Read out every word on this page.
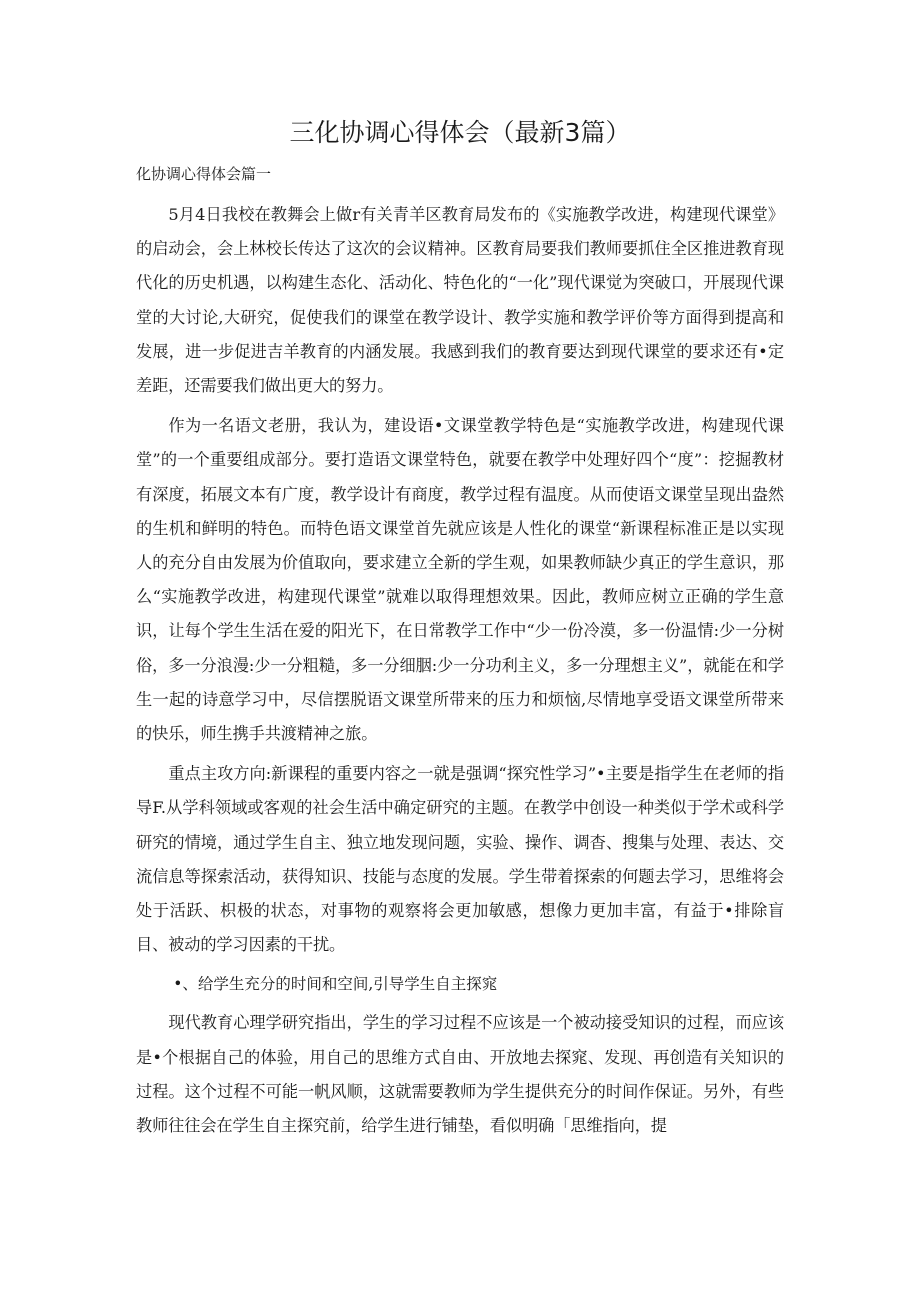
三化协调心得体会（最新3篇）

化协调心得体会篇一

5月4日我校在教舞会上做r有关青羊区教育局发布的《实施教学改进，构建现代课堂》的启动会，会上林校长传达了这次的会议精神。区教育局要我们教师要抓住全区推进教育现代化的历史机遇，以构建生态化、活动化、特色化的“一化”现代课觉为突破口，开展现代课堂的大讨论,大研究，促使我们的课堂在教学设计、教学实施和教学评价等方面得到提高和发展，进一步促进吉羊教育的内涵发展。我感到我们的教育要达到现代课堂的要求还有•定差距，还需要我们做出更大的努力。

作为一名语文老册，我认为，建设语•文课堂教学特色是“实施教学改进，构建现代课堂”的一个重要组成部分。要打造语文课堂特色，就要在教学中处理好四个“度”：挖掘教材有深度，拓展文本有广度，教学设计有商度，教学过程有温度。从而使语文课堂呈现出盎然的生机和鲜明的特色。而特色语文课堂首先就应该是人性化的课堂“新课程标准正是以实现人的充分自由发展为价值取向，要求建立全新的学生观，如果教师缺少真正的学生意识，那么“实施教学改进，构建现代课堂”就难以取得理想效果。因此，教师应树立正确的学生意识，让每个学生生活在爱的阳光下，在日常教学工作中“少一份冷漠，多一份温情:少一分树俗，多一分浪漫:少一分粗糙，多一分细胭:少一分功利主义，多一分理想主义”，就能在和学生一起的诗意学习中，尽信摆脱语文课堂所带来的压力和烦恼,尽情地享受语文课堂所带来的快乐，师生携手共渡精神之旅。

重点主攻方向:新课程的重要内容之一就是强调“探究性学习”•主要是指学生在老师的指导F.从学科领域或客观的社会生活中确定研究的主题。在教学中创设一种类似于学术或科学研究的情境，通过学生自主、独立地发现问题，实验、操作、调杳、搜集与处理、表达、交流信息等探索活动，获得知识、技能与态度的发展。学生带着探索的何题去学习，思维将会处于活跃、枳极的状态，对事物的观察将会更加敏感，想像力更加丰富，有益于•排除盲目、被动的学习因素的干扰。

•、给学生充分的时间和空间,引导学生自主探窕

现代教育心理学研究指出，学生的学习过程不应该是一个被动接受知识的过程，而应该是•个根据自己的体验，用自己的思维方式自由、开放地去探窕、发现、再创造有关知识的过程。这个过程不可能一帆风顺，这就需要教师为学生提供充分的时间作保证。另外，有些教师往往会在学生自主探究前，给学生进行铺垫，看似明确「思维指向，提
